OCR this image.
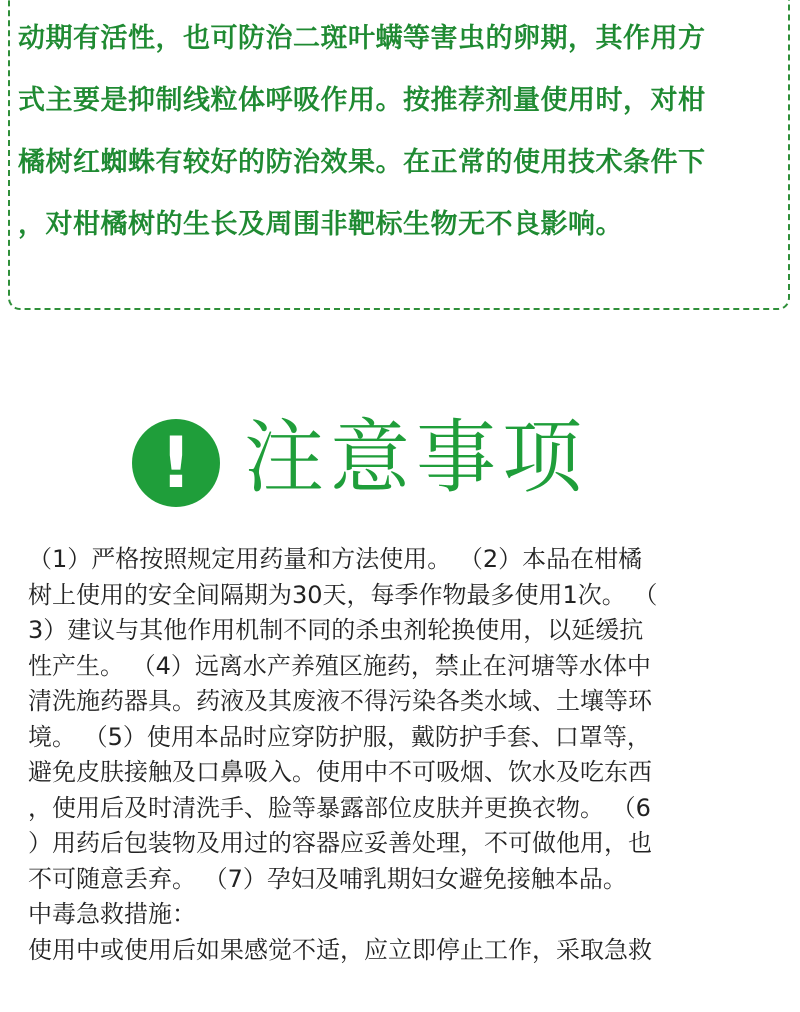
动期有活性，也可防治二斑叶螨等害虫的卵期，其作用方
式主要是抑制线粒体呼吸作用。按推荐剂量使用时，对柑
橘树红蜘蛛有较好的防治效果。在正常的使用技术条件下
，对柑橘树的生长及周围非靶标生物无不良影响。
! 注意事项
（1）严格按照规定用药量和方法使用。 （2）本品在柑橘
树上使用的安全间隔期为30天，每季作物最多使用1次。 （
3）建议与其他作用机制不同的杀虫剂轮换使用，以延缓抗
性产生。 （4）远离水产养殖区施药，禁止在河塘等水体中
清洗施药器具。药液及其废液不得污染各类水域、土壤等环
境。 （5）使用本品时应穿防护服，戴防护手套、口罩等，
避免皮肤接触及口鼻吸入。使用中不可吸烟、饮水及吃东西
，使用后及时清洗手、脸等暴露部位皮肤并更换衣物。 （6
）用药后包装物及用过的容器应妥善处理，不可做他用，也
不可随意丢弃。 （7）孕妇及哺乳期妇女避免接触本品。
中毒急救措施：
使用中或使用后如果感觉不适，应立即停止工作，采取急救
